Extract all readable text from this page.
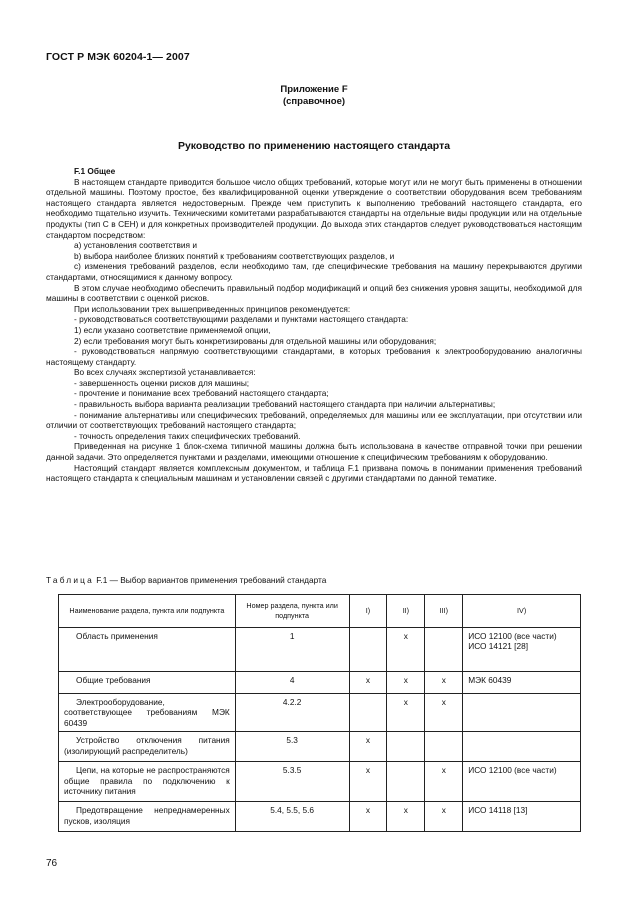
ГОСТ Р МЭК 60204-1— 2007
Приложение F
(справочное)
Руководство по применению настоящего стандарта

F.1 Общее

В настоящем стандарте приводится большое число общих требований, которые могут или не могут быть применены в отношении отдельной машины. Поэтому простое, без квалифицированной оценки утверждение о соответствии оборудования всем требованиям настоящего стандарта является недостоверным. Прежде чем приступить к выполнению требований настоящего стандарта, его необходимо тщательно изучить. Техническими комитетами разрабатываются стандарты на отдельные виды продукции или на отдельные продукты (тип С в СЕН) и для конкретных производителей продукции. До выхода этих стандартов следует руководствоваться настоящим стандартом посредством:

a) установления соответствия и

b) выбора наиболее близких понятий к требованиям соответствующих разделов, и

с) изменения требований разделов, если необходимо там, где специфические требования на машину перекрываются другими стандартами, относящимися к данному вопросу.

В этом случае необходимо обеспечить правильный подбор модификаций и опций без снижения уровня защиты, необходимой для машины в соответствии с оценкой рисков.

При использовании трех вышеприведенных принципов рекомендуется:

- руководствоваться соответствующими разделами и пунктами настоящего стандарта:

1) если указано соответствие применяемой опции,

2) если требования могут быть конкретизированы для отдельной машины или оборудования;

- руководствоваться напрямую соответствующими стандартами, в которых требования к электрооборудованию аналогичны настоящему стандарту.

Во всех случаях экспертизой устанавливается:

- завершенность оценки рисков для машины;

- прочтение и понимание всех требований настоящего стандарта;

- правильность выбора варианта реализации требований настоящего стандарта при наличии альтернативы;

- понимание альтернативы или специфических требований, определяемых для машины или ее эксплуатации, при отсутствии или отличии от соответствующих требований настоящего стандарта;

- точность определения таких специфических требований.

Приведенная на рисунке 1 блок-схема типичной машины должна быть использована в качестве отправной точки при решении данной задачи. Это определяется пунктами и разделами, имеющими отношение к специфическим требованиям к оборудованию.

Настоящий стандарт является комплексным документом, и таблица F.1 призвана помочь в понимании применения требований настоящего стандарта к специальным машинам и установлении связей с другими стандартами по данной тематике.

Таблица F.1 — Выбор вариантов применения требований стандарта
Наименование раздела, пункта или подпункта	Номер раздела, пункта или подпункта	I)	II)	III)	IV)
Область применения	1		x		ИСО 12100 (все части)
ИСО 14121 [28]
Общие требования	4	x	x	x	МЭК 60439
Электрооборудование, соответствующее требованиям МЭК 60439	4.2.2		x	x	
Устройство отключения питания (изолирующий распределитель)	5.3	x			
Цепи, на которые не распространяются общие правила по подключению к источнику питания	5.3.5	x		x	ИСО 12100 (все части)
Предотвращение непреднамеренных пусков, изоляция	5.4, 5.5, 5.6	x	x	x	ИСО 14118 [13]
76
